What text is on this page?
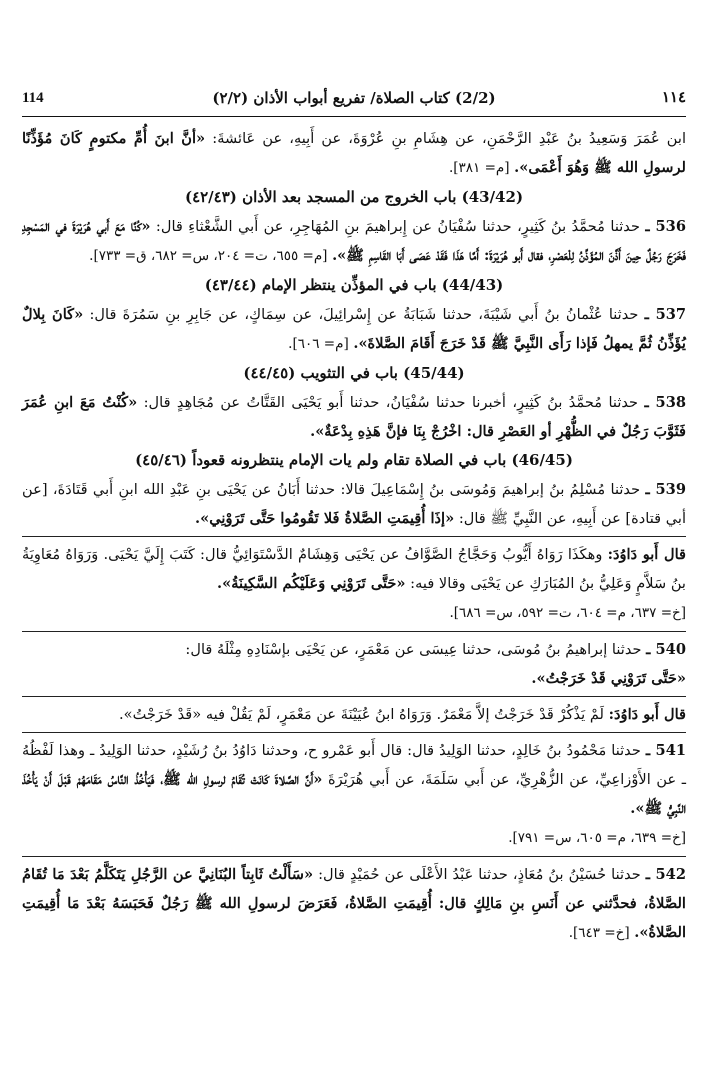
114	(2/2) كتاب الصلاة/ تفريع أبواب الأذان (٢/٢)	١١٤

ابن عُمَرَ وَسَعِيدُ بنُ عَبْدِ الرَّحْمَنِ، عن هِشَامِ بنِ عُرْوَةَ، عن أَبِيهِ، عن عَائشةَ: «أنَّ ابنَ أُمِّ مكتومٍ كَانَ مُؤَذِّنًا لرسولِ الله ﷺ وَهُوَ أَعْمَى». [م= ٣٨١].

(43/42) باب الخروج من المسجد بعد الأذان (٤٢/٤٣)

536 ـ حدثنا مُحمَّدُ بنُ كَثِيرٍ، حدثنا سُفْيَانُ عن إِبراهيمَ بنِ المُهَاجِرِ، عن أَبي الشَّعْثاءِ قال: «كُنَّا مَعَ أَبي هُرَيْرَةَ في المَسْجِدِ فَخَرَجَ رَجُلٌ حِينَ أَذَّنَ المُؤَذِّنُ لِلْعَصْرِ، فقال أَبو هُرَيْرَةَ: أَمَّا هَذَا فَقَدْ عَصَى أَبَا القَاسِمِ ﷺ». [م= ٦٥٥، ت= ٢٠٤، س= ٦٨٢، ق= ٧٣٣].

(44/43) باب في المؤذِّن ينتظر الإمام (٤٣/٤٤)

537 ـ حدثنا عُثْمانُ بنُ أَبي شَيْبَةَ، حدثنا شَبَابَةُ عن إِسْرائِيلَ، عن سِمَاكٍ، عن جَابِرِ بنِ سَمُرَةَ قال: «كَانَ بِلالٌ يُؤَذِّنُ ثُمَّ يمهلُ فَإذا رَأَى النَّبِيَّ ﷺ قَدْ خَرَجَ أَقَامَ الصَّلاةَ». [م= ٦٠٦].

(45/44) باب في التثويب (٤٤/٤٥)

538 ـ حدثنا مُحمَّدُ بنُ كَثِيرٍ، أخبرنا حدثنا سُفْيَانُ، حدثنا أَبو يَحْيَى القَتَّاتُ عن مُجَاهِدٍ قال: «كُنْتُ مَعَ ابنِ عُمَرَ فَثَوَّبَ رَجُلٌ في الظُّهْرِ أو العَصْرِ قال: اخْرُجْ بِنَا فإنَّ هَذِهِ بِدْعَةٌ».

(46/45) باب في الصلاة تقام ولم يات الإمام ينتظرونه قعوداً (٤٥/٤٦)

539 ـ حدثنا مُسْلِمُ بنُ إبراهيمَ وَمُوسَى بنُ إِسْمَاعِيلَ قالا: حدثنا أَبَانُ عن يَحْيَى بنِ عَبْدِ الله ابنِ أَبي قَتَادَةَ، [عن أبي قتادة] عن أَبِيهِ، عن النَّبِيِّ ﷺ قال: «إذَا أُقِيمَتِ الصَّلاةُ فَلا تَقُومُوا حَتَّى تَرَوْنِي».

قال أَبو دَاوُدَ: وهكَذَا رَوَاهُ أَيُّوبُ وَحَجَّاجُ الصَّوَّافُ عن يَحْيَى وَهِشَامٌ الدَّسْتَوَائِيُّ قال: كَتَبَ إِلَيَّ يَحْيَى. وَرَوَاهُ مُعَاوِيَةُ بنُ سَلاَّمٍ وَعَلِيُّ بنُ المُبَارَكِ عن يَحْيَى وقالا فيه: «حَتَّى تَرَوْنِي وَعَلَيْكُم السَّكِينَةُ».
[خ= ٦٣٧، م= ٦٠٤، ت= ٥٩٢، س= ٦٨٦].

540 ـ حدثنا إبراهيمُ بنُ مُوسَى، حدثنا عِيسَى عن مَعْمَرٍ، عن يَحْيَى بإسْنَادِهِ مِثْلَهُ قال:
«حَتَّى تَرَوْنِي قَدْ خَرَجْتُ».

قال أَبو دَاوُدَ: لَمْ يَذْكُرْ قَدْ خَرَجْتُ إلاَّ مَعْمَرٌ. وَرَوَاهُ ابنُ عُيَيْنَةَ عن مَعْمَرٍ، لَمْ يَقُلْ فيه «قَدْ خَرَجْتُ».

541 ـ حدثنا مَحْمُودُ بنُ خَالِدٍ، حدثنا الوَلِيدُ قال: قال أَبو عَمْرو ح، وحدثنا دَاوُدُ بنُ رُشَيْدٍ، حدثنا الوَلِيدُ ـ وهذا لَفْظُهُ ـ عن الأَوْزاعِيِّ، عن الزُّهْرِيِّ، عن أَبي سَلَمَةَ، عن أَبي هُرَيْرَةَ «أَنَّ الصَّلاةَ كَانَتْ تُقَامُ لرسولِ الله ﷺ، فَيَأْخُذُ النَّاسُ مَقَامَهُمْ قَبْلَ أَنْ يَأْخُذَ النَّبِيُّ ﷺ».
[خ= ٦٣٩، م= ٦٠٥، س= ٧٩١].

542 ـ حدثنا حُسَيْنُ بنُ مُعَاذٍ، حدثنا عَبْدُ الأَعْلَى عن حُمَيْدٍ قال: «سَأَلْتُ ثَابِتاً البُنَانِيَّ عن الرَّجُلِ يَتَكَلَّمُ بَعْدَ مَا تُقَامُ الصَّلاةُ، فحدَّثني عن أَنَسِ بنِ مَالِكٍ قال: أُقِيمَتِ الصَّلاةُ، فَعَرَضَ لرسولِ الله ﷺ رَجُلٌ فَحَبَسَهُ بَعْدَ مَا أُقِيمَتِ الصَّلاةُ». [خ= ٦٤٣].
